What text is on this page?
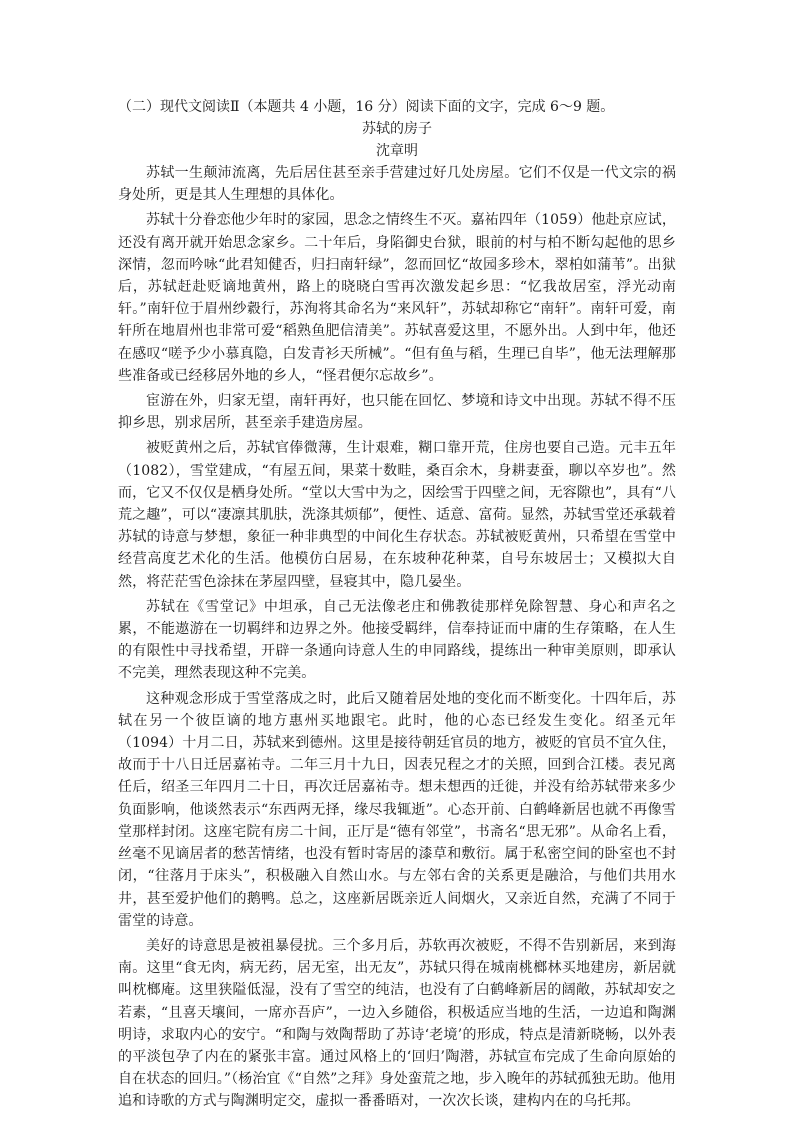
（二）现代文阅读Ⅱ（本题共 4 小题，16 分）阅读下面的文字，完成 6～9 题。

苏轼的房子

沈章明

苏轼一生颠沛流离，先后居住甚至亲手营建过好几处房屋。它们不仅是一代文宗的祸身处所，更是其人生理想的具体化。

苏轼十分眷恋他少年时的家园，思念之情终生不灭。嘉祐四年（1059）他赴京应试，还没有离开就开始思念家乡。二十年后，身陷御史台狱，眼前的村与柏不断勾起他的思乡深情，忽而吟咏“此君知健否，归扫南轩绿”，忽而回忆“故园多珍木，翠柏如蒲苇”。出狱后，苏轼赶赴贬谪地黄州，路上的晓晓白雪再次激发起乡思：“忆我故居室，浮光动南轩。”南轩位于眉州纱縠行，苏洵将其命名为“来风轩”，苏轼却称它“南轩”。南轩可爱，南轩所在地眉州也非常可爱“稻熟鱼肥信清美”。苏轼喜爱这里，不愿外出。人到中年，他还在感叹“嗟予少小慕真隐，白发青衫天所械”。“但有鱼与稻，生理已自毕”，他无法理解那些准备或已经移居外地的乡人，“怪君便尔忘故乡”。

宦游在外，归家无望，南轩再好，也只能在回忆、梦境和诗文中出现。苏轼不得不压抑乡思，别求居所，甚至亲手建造房屋。

被贬黄州之后，苏轼官俸微薄，生计艰难，糊口靠开荒，住房也要自己造。元丰五年（1082），雪堂建成，“有屋五间，果菜十数畦，桑百余木，身耕妻蚕，聊以卒岁也”。然而，它又不仅仅是栖身处所。“堂以大雪中为之，因绘雪于四壁之间，无容隙也”，具有“八荒之趣”，可以“凄凛其肌肤，洗涤其烦郁”，便性、适意、富荷。显然，苏轼雪堂还承载着苏轼的诗意与梦想，象征一种非典型的中间化生存状态。苏轼被贬黄州，只希望在雪堂中经营高度艺术化的生活。他模仿白居易，在东坡种花种菜，自号东坡居士；又模拟大自然，将茫茫雪色涂抹在茅屋四壁，昼寝其中，隐几晏坐。

苏轼在《雪堂记》中坦承，自己无法像老庄和佛教徒那样免除智慧、身心和声名之累，不能遨游在一切羁绊和边界之外。他接受羁绊，信奉持证而中庸的生存策略，在人生的有限性中寻找希望，开辟一条通向诗意人生的申同路线，提练出一种审美原则，即承认不完美，理然表现这种不完美。

这种观念形成于雪堂落成之时，此后又随着居处地的变化而不断变化。十四年后，苏轼在另一个彼臣谪的地方惠州买地跟宅。此时，他的心态已经发生变化。绍圣元年（1094）十月二日，苏轼来到德州。这里是接待朝廷官员的地方，被贬的官员不宜久住，故而于十八日迁居嘉祐寺。二年三月十九日，因表兄程之才的关照，回到合江楼。表兄离任后，绍圣三年四月二十日，再次迁居嘉祐寺。想未想西的迁徙，并没有给苏轼带来多少负面影响，他谈然表示“东西两无择，缘尽我辄逝”。心态开前、白鹤峰新居也就不再像雪堂那样封闭。这座宅院有房二十间，正厅是“德有邻堂”，书斋名“思无邪”。从命名上看，丝毫不见谪居者的愁苦情绪，也没有暂时寄居的漆草和敷衍。属于私密空间的卧室也不封闭，“往落月于床头”，积极融入自然山水。与左邻右舍的关系更是融洽，与他们共用水井，甚至爱护他们的鹅鸭。总之，这座新居既亲近人间烟火，又亲近自然，充满了不同于雷堂的诗意。

美好的诗意思是被祖暴侵扰。三个多月后，苏软再次被贬，不得不告别新居，来到海南。这里“食无肉，病无药，居无室，出无友”，苏轼只得在城南桃榔林买地建房，新居就叫枕榔庵。这里狭隘低湿，没有了雪空的纯洁，也没有了白鹤峰新居的阔敞，苏轼却安之若素，“且喜天壤间，一席亦吾庐”，一边入乡随俗，积极适应当地的生活，一边追和陶渊明诗，求取内心的安宁。“和陶与效陶帮助了苏诗‘老境’的形成，特点是清新晓畅，以外表的平淡包孕了内在的紧张丰富。通过风格上的‘回归’陶潜，苏轼宣布完成了生命向原始的自在状态的回归。”（杨治宜《“自然”之拜》身处蛮荒之地，步入晚年的苏轼孤独无助。他用追和诗歌的方式与陶渊明定交，虚拟一番番晤对，一次次长谈，建构内在的乌托邦。
